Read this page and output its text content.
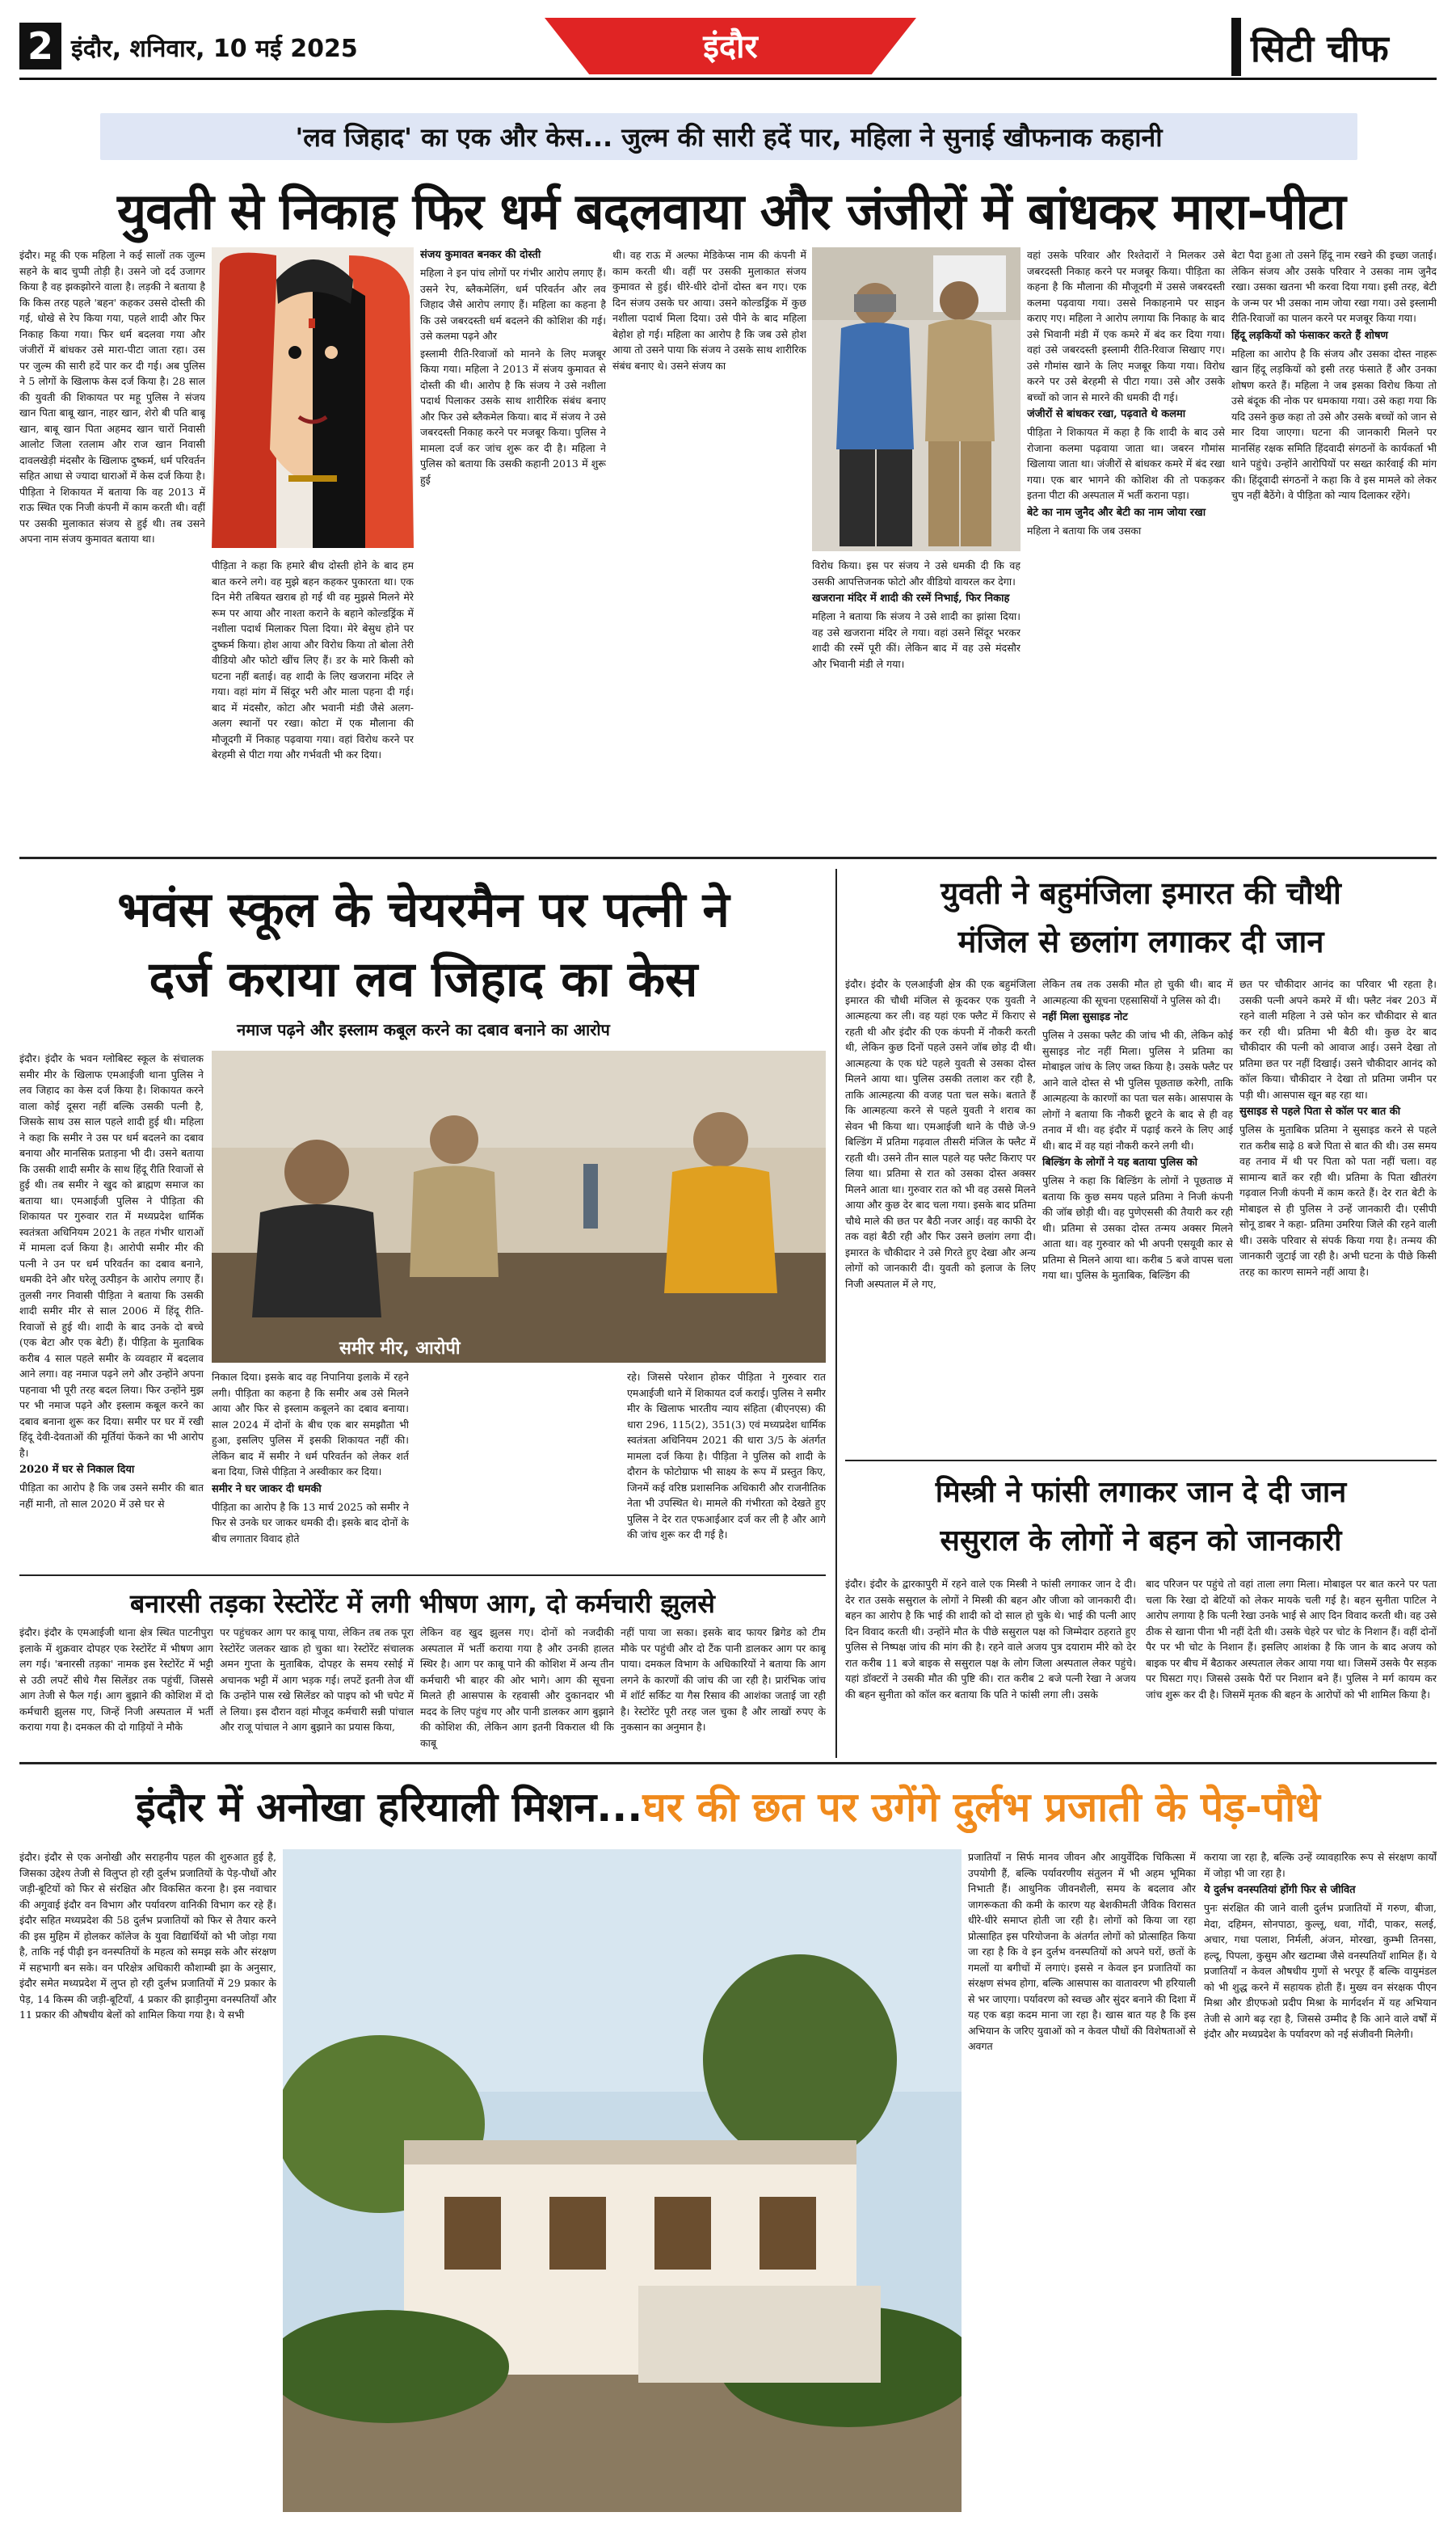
2 इंदौर, शनिवार, 10 मई 2025	इंदौर	सिटी चीफ
'लव जिहाद' का एक और केस... जुल्म की सारी हदें पार, महिला ने सुनाई खौफनाक कहानी
युवती से निकाह फिर धर्म बदलवाया और जंजीरों में बांधकर मारा-पीटा

इंदौर। महू की एक महिला ने कई सालों तक जुल्म सहने के बाद चुप्पी तोड़ी है। उसने जो दर्द उजागर किया है वह झकझोरने वाला है। लड़की ने बताया है कि किस तरह पहले 'बहन' कहकर उससे दोस्ती की गई, धोखे से रेप किया गया, पहले शादी और फिर निकाह किया गया। फिर धर्म बदलवा गया और जंजीरों में बांधकर उसे मारा-पीटा जाता रहा। उस पर जुल्म की सारी हदें पार कर दी गई। अब पुलिस ने 5 लोगों के खिलाफ केस दर्ज किया है। 28 साल की युवती की शिकायत पर महू पुलिस ने संजय खान पिता बाबू खान, नाहर खान, शेरो बी पति बाबू खान, बाबू खान पिता अहमद खान चारों निवासी आलोट जिला रतलाम और राज खान निवासी दावलखेड़ी मंदसौर के खिलाफ दुष्कर्म, धर्म परिवर्तन सहित आधा से ज्यादा धाराओं में केस दर्ज किया है। पीड़िता ने शिकायत में बताया कि वह 2013 में राऊ स्थित एक निजी कंपनी में काम करती थी। वहीं पर उसकी मुलाकात संजय से हुई थी। तब उसने अपना नाम संजय कुमावत बताया था।

पीड़िता ने कहा कि हमारे बीच दोस्ती होने के बाद हम बात करने लगे। वह मुझे बहन कहकर पुकारता था। एक दिन मेरी तबियत खराब हो गई थी वह मुझसे मिलने मेरे रूम पर आया और नाश्ता कराने के बहाने कोल्डड्रिंक में नशीला पदार्थ मिलाकर पिला दिया। मेरे बेसुध होने पर दुष्कर्म किया। होश आया और विरोध किया तो बोला तेरी वीडियो और फोटो खींच लिए हैं। डर के मारे किसी को घटना नहीं बताई। वह शादी के लिए खजराना मंदिर ले गया। वहां मांग में सिंदूर भरी और माला पहना दी गई। बाद में मंदसौर, कोटा और भवानी मंडी जैसे अलग-अलग स्थानों पर रखा। कोटा में एक मौलाना की मौजूदगी में निकाह पढ़वाया गया। वहां विरोध करने पर बेरहमी से पीटा गया और गर्भवती भी कर दिया।

संजय कुमावत बनकर की दोस्ती

महिला ने इन पांच लोगों पर गंभीर आरोप लगाए हैं। उसने रेप, ब्लैकमेलिंग, धर्म परिवर्तन और लव जिहाद जैसे आरोप लगाए हैं। महिला का कहना है कि उसे जबरदस्ती धर्म बदलने की कोशिश की गई। उसे कलमा पढ़ने और

इस्लामी रीति-रिवाजों को मानने के लिए मजबूर किया गया। महिला ने 2013 में संजय कुमावत से दोस्ती की थी। आरोप है कि संजय ने उसे नशीला पदार्थ पिलाकर उसके साथ शारीरिक संबंध बनाए और फिर उसे ब्लैकमेल किया। बाद में संजय ने उसे जबरदस्ती निकाह करने पर मजबूर किया। पुलिस ने मामला दर्ज कर जांच शुरू कर दी है। महिला ने पुलिस को बताया कि उसकी कहानी 2013 में शुरू हुई

थी। वह राऊ में अल्फा मेडिकेप्स नाम की कंपनी में काम करती थी। वहीं पर उसकी मुलाकात संजय कुमावत से हुई। धीरे-धीरे दोनों दोस्त बन गए। एक दिन संजय उसके घर आया। उसने कोल्डड्रिंक में कुछ नशीला पदार्थ मिला दिया। उसे पीने के बाद महिला बेहोश हो गई। महिला का आरोप है कि जब उसे होश आया तो उसने पाया कि संजय ने उसके साथ शारीरिक संबंध बनाए थे। उसने संजय का

विरोध किया। इस पर संजय ने उसे धमकी दी कि वह उसकी आपत्तिजनक फोटो और वीडियो वायरल कर देगा।

खजराना मंदिर में शादी की रस्में निभाई, फिर निकाह

महिला ने बताया कि संजय ने उसे शादी का झांसा दिया। वह उसे खजराना मंदिर ले गया। वहां उसने सिंदूर भरकर शादी की रस्में पूरी कीं। लेकिन बाद में वह उसे मंदसौर और भिवानी मंडी ले गया।

वहां उसके परिवार और रिश्तेदारों ने मिलकर उसे जबरदस्ती निकाह करने पर मजबूर किया। पीड़िता का कहना है कि मौलाना की मौजूदगी में उससे जबरदस्ती कलमा पढ़वाया गया। उससे निकाहनामे पर साइन कराए गए। महिला ने आरोप लगाया कि निकाह के बाद उसे भिवानी मंडी में एक कमरे में बंद कर दिया गया। वहां उसे जबरदस्ती इस्लामी रीति-रिवाज सिखाए गए। उसे गौमांस खाने के लिए मजबूर किया गया। विरोध करने पर उसे बेरहमी से पीटा गया। उसे और उसके बच्चों को जान से मारने की धमकी दी गई।

जंजीरों से बांधकर रखा, पढ़वाते थे कलमा

पीड़िता ने शिकायत में कहा है कि शादी के बाद उसे रोजाना कलमा पढ़वाया जाता था। जबरन गौमांस खिलाया जाता था। जंजीरों से बांधकर कमरे में बंद रखा गया। एक बार भागने की कोशिश की तो पकड़कर इतना पीटा की अस्पताल में भर्ती कराना पड़ा।

बेटे का नाम जुनैद और बेटी का नाम जोया रखा

महिला ने बताया कि जब उसका

बेटा पैदा हुआ तो उसने हिंदू नाम रखने की इच्छा जताई। लेकिन संजय और उसके परिवार ने उसका नाम जुनैद रखा। उसका खतना भी करवा दिया गया। इसी तरह, बेटी के जन्म पर भी उसका नाम जोया रखा गया। उसे इस्लामी रीति-रिवाजों का पालन करने पर मजबूर किया गया।

हिंदू लड़कियों को फंसाकर करते हैं शोषण

महिला का आरोप है कि संजय और उसका दोस्त नाहरू खान हिंदू लड़कियों को इसी तरह फंसाते हैं और उनका शोषण करते हैं। महिला ने जब इसका विरोध किया तो उसे बंदूक की नोक पर धमकाया गया। उसे कहा गया कि यदि उसने कुछ कहा तो उसे और उसके बच्चों को जान से मार दिया जाएगा। घटना की जानकारी मिलने पर मानसिंह रक्षक समिति हिंदवादी संगठनों के कार्यकर्ता भी थाने पहुंचे। उन्होंने आरोपियों पर सख्त कार्रवाई की मांग की। हिंदूवादी संगठनों ने कहा कि वे इस मामले को लेकर चुप नहीं बैठेंगे। वे पीड़िता को न्याय दिलाकर रहेंगे।

भवंस स्कूल के चेयरमैन पर पत्नी ने
दर्ज कराया लव जिहाद का केस
नमाज पढ़ने और इस्लाम कबूल करने का दबाव बनाने का आरोप

इंदौर। इंदौर के भवन ग्लोबिस्ट स्कूल के संचालक समीर मीर के खिलाफ एमआईजी थाना पुलिस ने लव जिहाद का केस दर्ज किया है। शिकायत करने वाला कोई दूसरा नहीं बल्कि उसकी पत्नी है, जिसके साथ उस साल पहले शादी हुई थी। महिला ने कहा कि समीर ने उस पर धर्म बदलने का दबाव बनाया और मानसिक प्रताड़ना भी दी। उसने बताया कि उसकी शादी समीर के साथ हिंदू रीति रिवाजों से हुई थी। तब समीर ने खुद को ब्राह्मण समाज का बताया था। एमआईजी पुलिस ने पीड़िता की शिकायत पर गुरुवार रात में मध्यप्रदेश धार्मिक स्वतंत्रता अधिनियम 2021 के तहत गंभीर धाराओं में मामला दर्ज किया है। आरोपी समीर मीर की पत्नी ने उन पर धर्म परिवर्तन का दबाव बनाने, धमकी देने और घरेलू उत्पीड़न के आरोप लगाए हैं। तुलसी नगर निवासी पीड़िता ने बताया कि उसकी शादी समीर मीर से साल 2006 में हिंदू रीति-रिवाजों से हुई थी। शादी के बाद उनके दो बच्चे (एक बेटा और एक बेटी) हैं। पीड़िता के मुताबिक करीब 4 साल पहले समीर के व्यवहार में बदलाव आने लगा। वह नमाज पढ़ने लगे और उन्होंने अपना पहनावा भी पूरी तरह बदल लिया। फिर उन्होंने मुझ पर भी नमाज पढ़ने और इस्लाम कबूल करने का दबाव बनाना शुरू कर दिया। समीर पर घर में रखी हिंदू देवी-देवताओं की मूर्तियां फेंकने का भी आरोप है।

2020 में घर से निकाल दिया

पीड़िता का आरोप है कि जब उसने समीर की बात नहीं मानी, तो साल 2020 में उसे घर से

समीर मीर, आरोपी

निकाल दिया। इसके बाद वह निपानिया इलाके में रहने लगी। पीड़िता का कहना है कि समीर अब उसे मिलने आया और फिर से इस्लाम कबूलने का दबाव बनाया। साल 2024 में दोनों के बीच एक बार समझौता भी हुआ, इसलिए पुलिस में इसकी शिकायत नहीं की। लेकिन बाद में समीर ने धर्म परिवर्तन को लेकर शर्त बना दिया, जिसे पीड़िता ने अस्वीकार कर दिया।

समीर ने घर जाकर दी धमकी

पीड़िता का आरोप है कि 13 मार्च 2025 को समीर ने फिर से उनके घर जाकर धमकी दी। इसके बाद दोनों के बीच लगातार विवाद होते

रहे। जिससे परेशान होकर पीड़िता ने गुरुवार रात एमआईजी थाने में शिकायत दर्ज कराई। पुलिस ने समीर मीर के खिलाफ भारतीय न्याय संहिता (बीएनएस) की धारा 296, 115(2), 351(3) एवं मध्यप्रदेश धार्मिक स्वतंत्रता अधिनियम 2021 की धारा 3/5 के अंतर्गत मामला दर्ज किया है। पीड़िता ने पुलिस को शादी के दौरान के फोटोग्राफ भी साक्ष्य के रूप में प्रस्तुत किए, जिनमें कई वरिष्ठ प्रशासनिक अधिकारी और राजनीतिक नेता भी उपस्थित थे। मामले की गंभीरता को देखते हुए पुलिस ने देर रात एफआईआर दर्ज कर ली है और आगे की जांच शुरू कर दी गई है।

युवती ने बहुमंजिला इमारत की चौथी
मंजिल से छलांग लगाकर दी जान

इंदौर। इंदौर के एलआईजी क्षेत्र की एक बहुमंजिला इमारत की चौथी मंजिल से कूदकर एक युवती ने आत्महत्या कर ली। वह यहां एक फ्लैट में किराए से रहती थी और इंदौर की एक कंपनी में नौकरी करती थी, लेकिन कुछ दिनों पहले उसने जॉब छोड़ दी थी। आत्महत्या के एक घंटे पहले युवती से उसका दोस्त मिलने आया था। पुलिस उसकी तलाश कर रही है, ताकि आत्महत्या की वजह पता चल सके। बताते हैं कि आत्महत्या करने से पहले युवती ने शराब का सेवन भी किया था। एमआईजी थाने के पीछे जे-9 बिल्डिंग में प्रतिमा गढ़वाल तीसरी मंजिल के फ्लैट में रहती थी। उसने तीन साल पहले यह फ्लैट किराए पर लिया था। प्रतिमा से रात को उसका दोस्त अक्सर मिलने आता था। गुरुवार रात को भी वह उससे मिलने आया और कुछ देर बाद चला गया। इसके बाद प्रतिमा चौथे माले की छत पर बैठी नजर आई। वह काफी देर तक वहां बैठी रही और फिर उसने छलांग लगा दी। इमारत के चौकीदार ने उसे गिरते हुए देखा और अन्य लोगों को जानकारी दी। युवती को इलाज के लिए निजी अस्पताल में ले गए,

लेकिन तब तक उसकी मौत हो चुकी थी। बाद में आत्महत्या की सूचना एहसासियों ने पुलिस को दी।

नहीं मिला सुसाइड नोट

पुलिस ने उसका फ्लैट की जांच भी की, लेकिन कोई सुसाइड नोट नहीं मिला। पुलिस ने प्रतिमा का मोबाइल जांच के लिए जब्त किया है। उसके फ्लैट पर आने वाले दोस्त से भी पुलिस पूछताछ करेगी, ताकि आत्महत्या के कारणों का पता चल सके। आसपास के लोगों ने बताया कि नौकरी छूटने के बाद से ही वह तनाव में थी। वह इंदौर में पढ़ाई करने के लिए आई थी। बाद में वह यहां नौकरी करने लगी थी।

बिल्डिंग के लोगों ने यह बताया पुलिस को

पुलिस ने कहा कि बिल्डिंग के लोगों ने पूछताछ में बताया कि कुछ समय पहले प्रतिमा ने निजी कंपनी की जॉब छोड़ी थी। वह पुणेएससी की तैयारी कर रही थी। प्रतिमा से उसका दोस्त तन्मय अक्सर मिलने आता था। वह गुरुवार को भी अपनी एसयूवी कार से प्रतिमा से मिलने आया था। करीब 5 बजे वापस चला गया था। पुलिस के मुताबिक, बिल्डिंग की

छत पर चौकीदार आनंद का परिवार भी रहता है। उसकी पत्नी अपने कमरे में थी। फ्लैट नंबर 203 में रहने वाली महिला ने उसे फोन कर चौकीदार से बात कर रही थी। प्रतिमा भी बैठी थी। कुछ देर बाद चौकीदार की पत्नी को आवाज आई। उसने देखा तो प्रतिमा छत पर नहीं दिखाई। उसने चौकीदार आनंद को कॉल किया। चौकीदार ने देखा तो प्रतिमा जमीन पर पड़ी थी। आसपास खून बह रहा था।

सुसाइड से पहले पिता से कॉल पर बात की

पुलिस के मुताबिक प्रतिमा ने सुसाइड करने से पहले रात करीब साढ़े 8 बजे पिता से बात की थी। उस समय वह तनाव में थी पर पिता को पता नहीं चला। वह सामान्य बातें कर रही थी। प्रतिमा के पिता खीतरंग गढ़वाल निजी कंपनी में काम करते हैं। देर रात बेटी के मोबाइल से ही पुलिस ने उन्हें जानकारी दी। एसीपी सोनू डाबर ने कहा- प्रतिमा उमरिया जिले की रहने वाली थी। उसके परिवार से संपर्क किया गया है। तन्मय की जानकारी जुटाई जा रही है। अभी घटना के पीछे किसी तरह का कारण सामने नहीं आया है।

मिस्त्री ने फांसी लगाकर जान दे दी जान
ससुराल के लोगों ने बहन को जानकारी

इंदौर। इंदौर के द्वारकापुरी में रहने वाले एक मिस्त्री ने फांसी लगाकर जान दे दी। देर रात उसके ससुराल के लोगों ने मिस्त्री की बहन और जीजा को जानकारी दी। बहन का आरोप है कि भाई की शादी को दो साल हो चुके थे। भाई की पत्नी आए दिन विवाद करती थी। उन्होंने मौत के पीछे ससुराल पक्ष को जिम्मेदार ठहराते हुए पुलिस से निष्पक्ष जांच की मांग की है। रहने वाले अजय पुत्र दयाराम मीरे को देर रात करीब 11 बजे बाइक से ससुराल पक्ष के लोग जिला अस्पताल लेकर पहुंचे। यहां डॉक्टरों ने उसकी मौत की पुष्टि की। रात करीब 2 बजे पत्नी रेखा ने अजय की बहन सुनीता को कॉल कर बताया कि पति ने फांसी लगा ली। उसके

बाद परिजन पर पहुंचे तो वहां ताला लगा मिला। मोबाइल पर बात करने पर पता चला कि रेखा दो बेटियों को लेकर मायके चली गई है। बहन सुनीता पाटिल ने आरोप लगाया है कि पत्नी रेखा उनके भाई से आए दिन विवाद करती थी। वह उसे ठीक से खाना पीना भी नहीं देती थी। उसके चेहरे पर चोट के निशान हैं। वहीं दोनों पैर पर भी चोट के निशान हैं। इसलिए आशंका है कि जान के बाद अजय को बाइक पर बीच में बैठाकर अस्पताल लेकर आया गया था। जिसमें उसके पैर सड़क पर घिसटा गए। जिससे उसके पैरों पर निशान बने हैं। पुलिस ने मर्ग कायम कर जांच शुरू कर दी है। जिसमें मृतक की बहन के आरोपों को भी शामिल किया है।

बनारसी तड़का रेस्टोरेंट में लगी भीषण आग, दो कर्मचारी झुलसे

इंदौर। इंदौर के एमआईजी थाना क्षेत्र स्थित पाटनीपुरा इलाके में शुक्रवार दोपहर एक रेस्टोरेंट में भीषण आग लग गई। 'बनारसी तड़का' नामक इस रेस्टोरेंट में भट्टी से उठी लपटें सीधे गैस सिलेंडर तक पहुंचीं, जिससे आग तेजी से फैल गई। आग बुझाने की कोशिश में दो कर्मचारी झुलस गए, जिन्हें निजी अस्पताल में भर्ती कराया गया है। दमकल की दो गाड़ियों ने मौके

पर पहुंचकर आग पर काबू पाया, लेकिन तब तक पूरा रेस्टोरेंट जलकर खाक हो चुका था। रेस्टोरेंट संचालक अमन गुप्ता के मुताबिक, दोपहर के समय रसोई में अचानक भट्टी में आग भड़क गई। लपटें इतनी तेज थीं कि उन्होंने पास रखे सिलेंडर को पाइप को भी चपेट में ले लिया। इस दौरान वहां मौजूद कर्मचारी सन्नी पांचाल और राजू पांचाल ने आग बुझाने का प्रयास किया,

लेकिन वह खुद झुलस गए। दोनों को नजदीकी अस्पताल में भर्ती कराया गया है और उनकी हालत स्थिर है। आग पर काबू पाने की कोशिश में अन्य तीन कर्मचारी भी बाहर की ओर भागे। आग की सूचना मिलते ही आसपास के रहवासी और दुकानदार भी मदद के लिए पहुंच गए और पानी डालकर आग बुझाने की कोशिश की, लेकिन आग इतनी विकराल थी कि काबू

नहीं पाया जा सका। इसके बाद फायर ब्रिगेड को टीम मौके पर पहुंची और दो टैंक पानी डालकर आग पर काबू पाया। दमकल विभाग के अधिकारियों ने बताया कि आग लगने के कारणों की जांच की जा रही है। प्रारंभिक जांच में शॉर्ट सर्किट या गैस रिसाव की आशंका जताई जा रही है। रेस्टोरेंट पूरी तरह जल चुका है और लाखों रुपए के नुकसान का अनुमान है।

इंदौर में अनोखा हरियाली मिशन...घर की छत पर उगेंगे दुर्लभ प्रजाती के पेड़-पौधे

इंदौर। इंदौर से एक अनोखी और सराहनीय पहल की शुरुआत हुई है, जिसका उद्देश्य तेजी से विलुप्त हो रही दुर्लभ प्रजातियों के पेड़-पौधों और जड़ी-बूटियों को फिर से संरक्षित और विकसित करना है। इस नवाचार की अगुवाई इंदौर वन विभाग और पर्यावरण वानिकी विभाग कर रहे हैं। इंदौर सहित मध्यप्रदेश की 58 दुर्लभ प्रजातियों को फिर से तैयार करने की इस मुहिम में होलकर कॉलेज के युवा विद्यार्थियों को भी जोड़ा गया है, ताकि नई पीढ़ी इन वनस्पतियों के महत्व को समझ सके और संरक्षण में सहभागी बन सके। वन परिक्षेत्र अधिकारी कौशाम्बी झा के अनुसार, इंदौर समेत मध्यप्रदेश में लुप्त हो रही दुर्लभ प्रजातियों में 29 प्रकार के पेड़, 14 किस्म की जड़ी-बूटियाँ, 4 प्रकार की झाड़ीनुमा वनस्पतियाँ और 11 प्रकार की औषधीय बेलों को शामिल किया गया है। ये सभी

प्रजातियाँ न सिर्फ मानव जीवन और आयुर्वेदिक चिकित्सा में उपयोगी हैं, बल्कि पर्यावरणीय संतुलन में भी अहम भूमिका निभाती हैं। आधुनिक जीवनशैली, समय के बदलाव और जागरूकता की कमी के कारण यह बेशकीमती जैविक विरासत धीरे-धीरे समाप्त होती जा रही है। लोगों को किया जा रहा प्रोत्साहित इस परियोजना के अंतर्गत लोगों को प्रोत्साहित किया जा रहा है कि वे इन दुर्लभ वनस्पतियों को अपने घरों, छतों के गमलों या बगीचों में लगाएं। इससे न केवल इन प्रजातियों का संरक्षण संभव होगा, बल्कि आसपास का वातावरण भी हरियाली से भर जाएगा। पर्यावरण को स्वच्छ और सुंदर बनाने की दिशा में यह एक बड़ा कदम माना जा रहा है। खास बात यह है कि इस अभियान के जरिए युवाओं को न केवल पौधों की विशेषताओं से अवगत

कराया जा रहा है, बल्कि उन्हें व्यावहारिक रूप से संरक्षण कार्यों में जोड़ा भी जा रहा है।

ये दुर्लभ वनस्पतियां होंगी फिर से जीवित

पुनः संरक्षित की जाने वाली दुर्लभ प्रजातियों में गरुण, बीजा, मेदा, दहिमन, सोनपाठा, कुल्लू, धवा, गोंदी, पाकर, सलई, अचार, गधा पलाश, निर्मली, अंजन, मोरखा, कुम्भी तिनसा, हल्दू, पिपला, कुसुम और खटाम्बा जैसे वनस्पतियाँ शामिल हैं। ये प्रजातियाँ न केवल औषधीय गुणों से भरपूर हैं बल्कि वायुमंडल को भी शुद्ध करने में सहायक होती हैं। मुख्य वन संरक्षक पीएन मिश्रा और डीएफओ प्रदीप मिश्रा के मार्गदर्शन में यह अभियान तेजी से आगे बढ़ रहा है, जिससे उम्मीद है कि आने वाले वर्षों में इंदौर और मध्यप्रदेश के पर्यावरण को नई संजीवनी मिलेगी।
